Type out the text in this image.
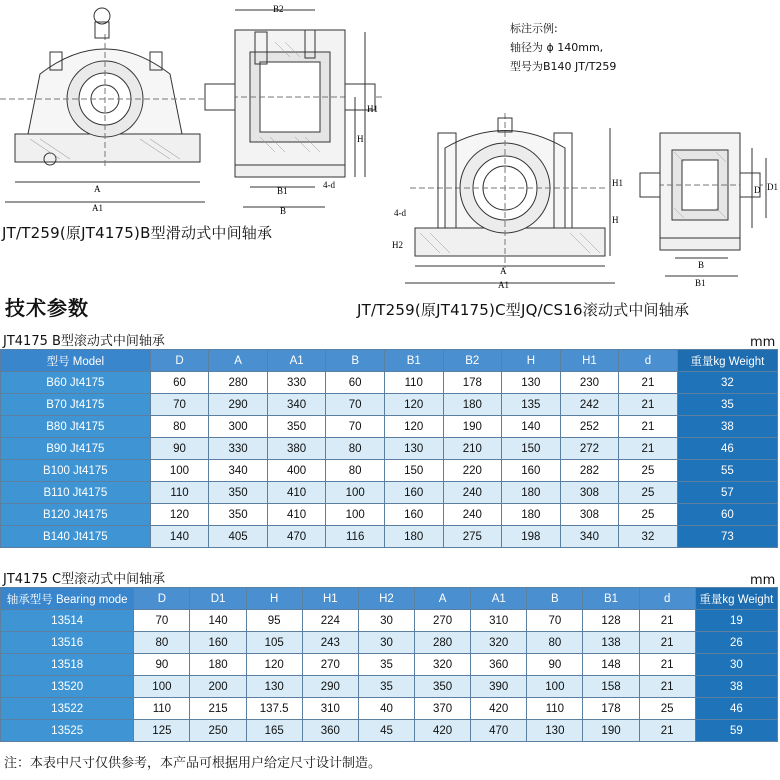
A
A1
B2
H1
H
B1
B
4-d
标注示例:
轴径为 ϕ 140mm,
型号为B140 JT/T259
JT/T259(原JT4175)B型滑动式中间轴承
H1
H
H2
A
A1
4-d
B
B1
D D1
技术参数	JT/T259(原JT4175)C型JQ/CS16滚动式中间轴承
JT4175 B型滚动式中间轴承	mm
型号 Model	D	A	A1	B	B1	B2	H	H1	d	重量kg Weight
B60 Jt4175	60	280	330	60	110	178	130	230	21	32
B70 Jt4175	70	290	340	70	120	180	135	242	21	35
B80 Jt4175	80	300	350	70	120	190	140	252	21	38
B90 Jt4175	90	330	380	80	130	210	150	272	21	46
B100 Jt4175	100	340	400	80	150	220	160	282	25	55
B110 Jt4175	110	350	410	100	160	240	180	308	25	57
B120 Jt4175	120	350	410	100	160	240	180	308	25	60
B140 Jt4175	140	405	470	116	180	275	198	340	32	73
JT4175 C型滚动式中间轴承	mm
轴承型号 Bearing mode	D	D1	H	H1	H2	A	A1	B	B1	d	重量kg Weight
13514	70	140	95	224	30	270	310	70	128	21	19
13516	80	160	105	243	30	280	320	80	138	21	26
13518	90	180	120	270	35	320	360	90	148	21	30
13520	100	200	130	290	35	350	390	100	158	21	38
13522	110	215	137.5	310	40	370	420	110	178	25	46
13525	125	250	165	360	45	420	470	130	190	21	59
注：本表中尺寸仅供参考，本产品可根据用户给定尺寸设计制造。
